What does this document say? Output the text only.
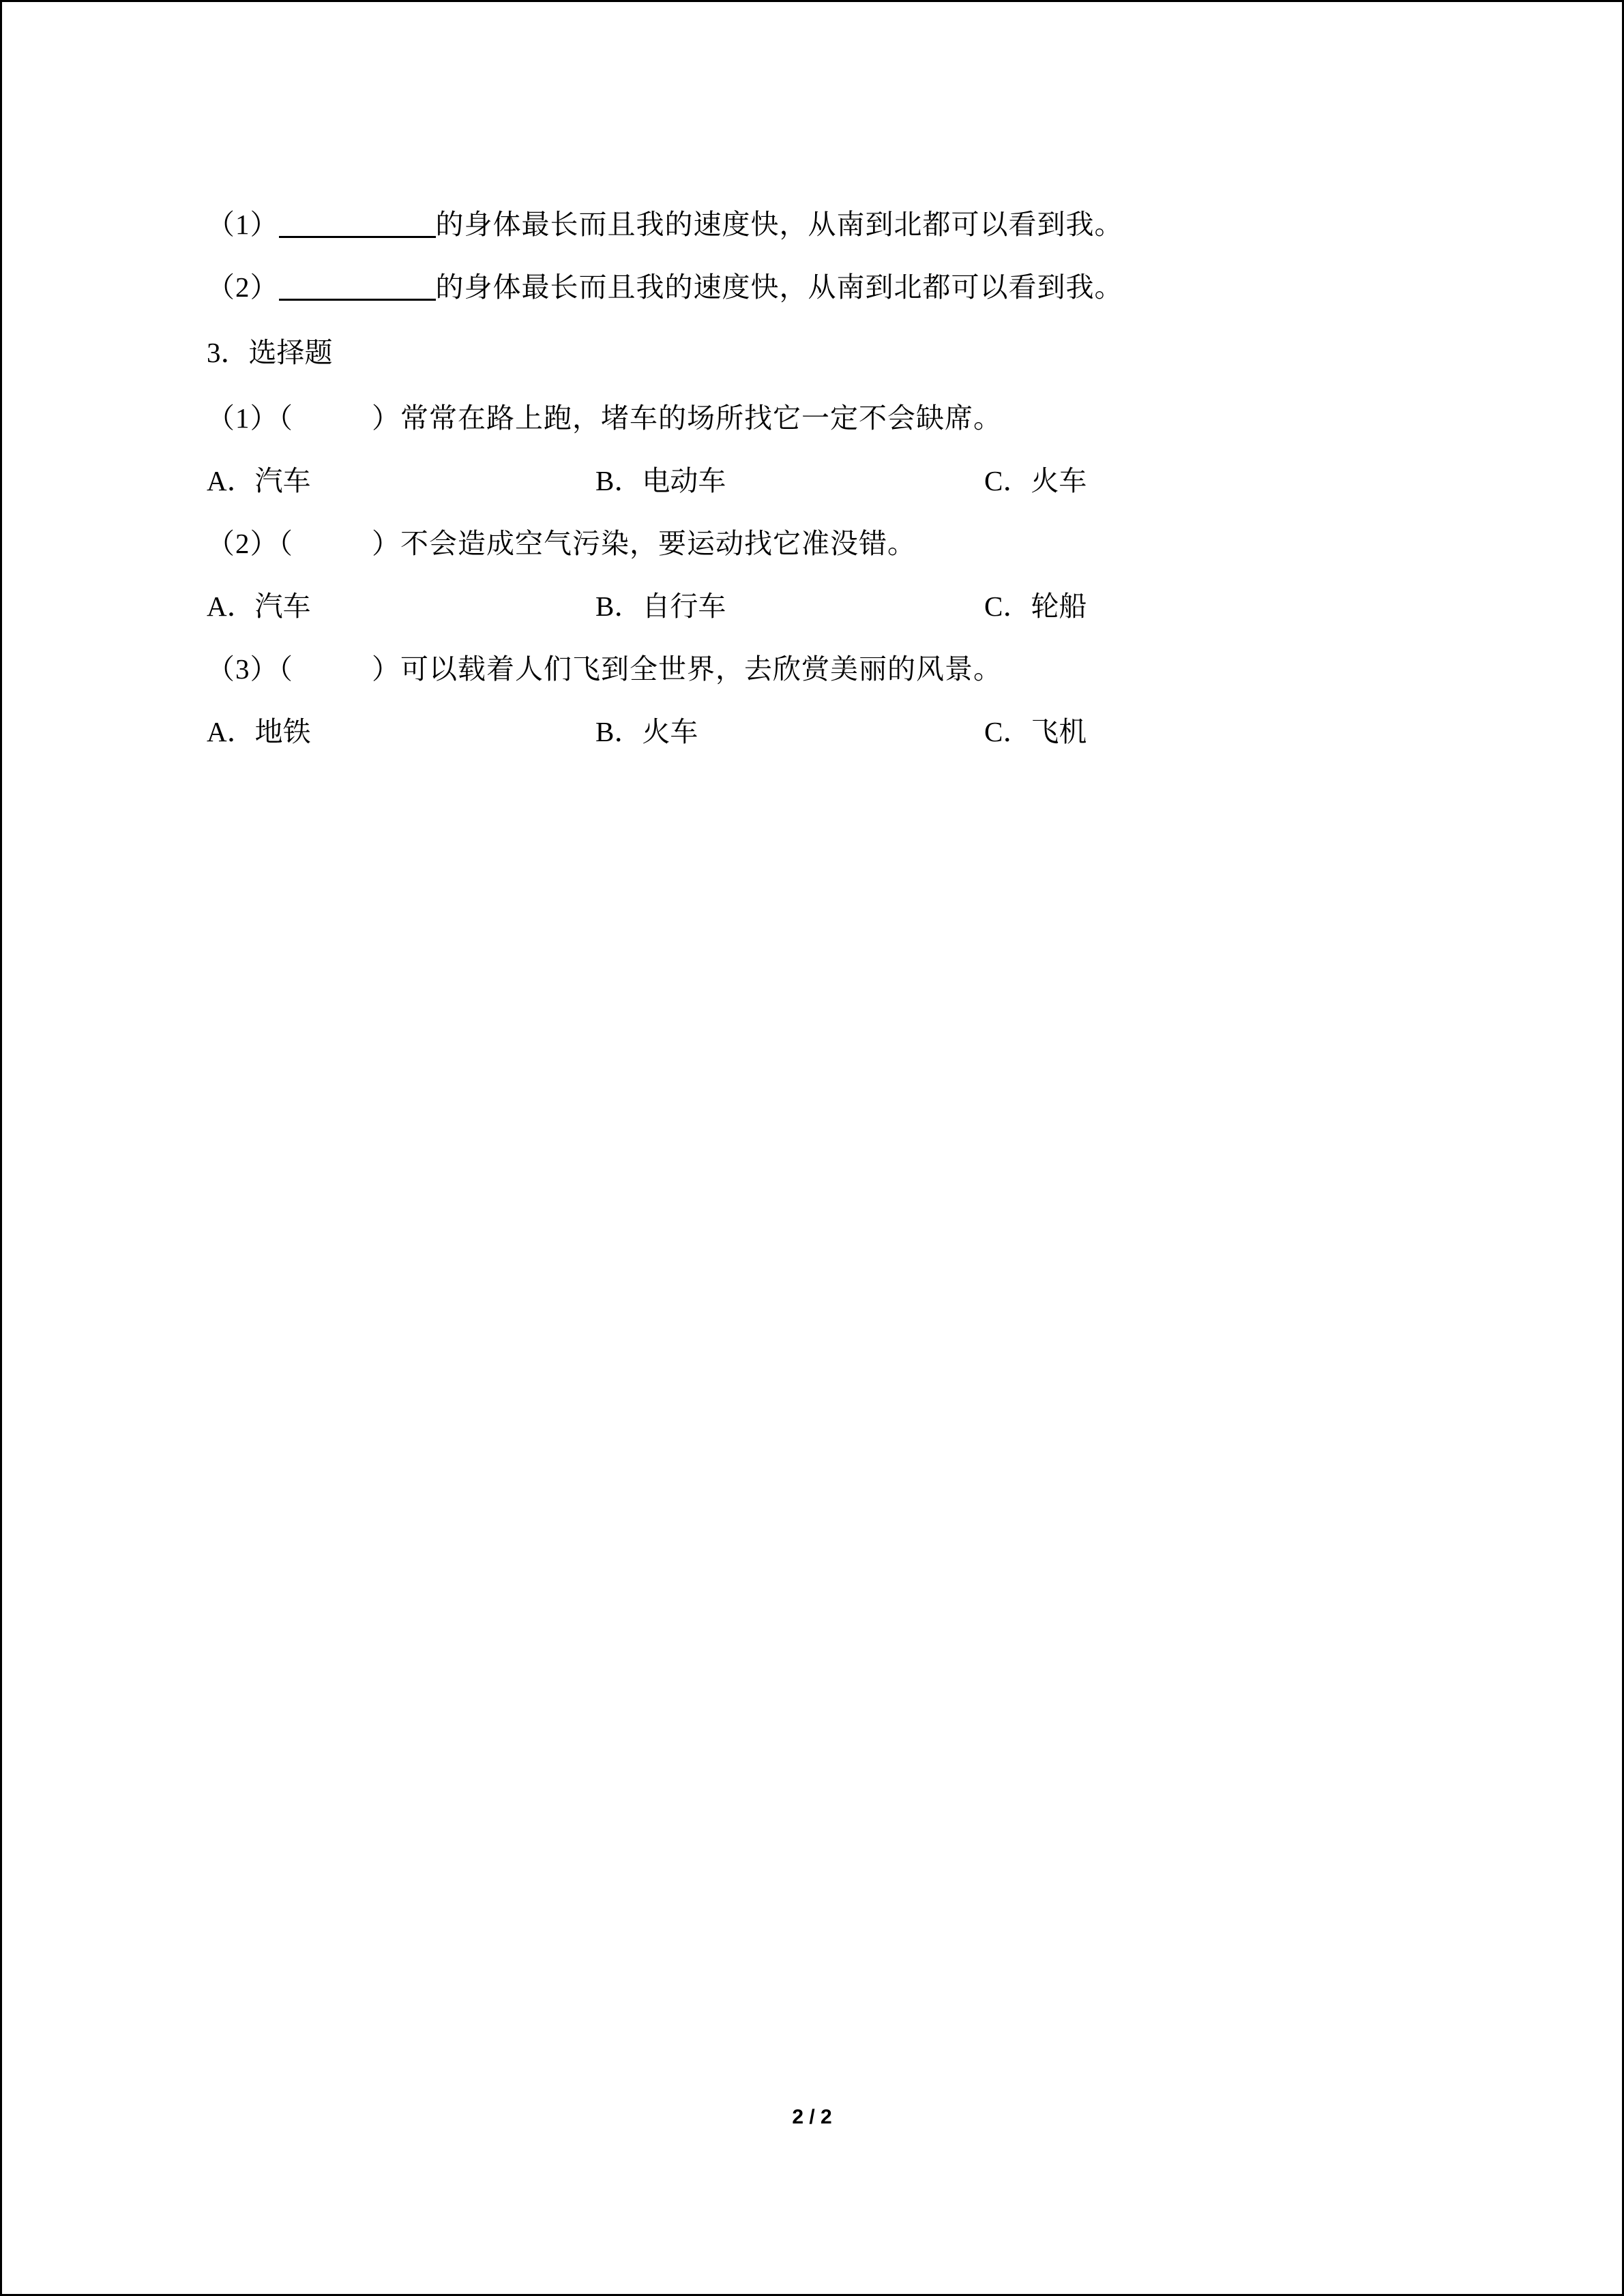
（1）	的身体最长而且我的速度快，从南到北都可以看到我。
（2）	的身体最长而且我的速度快，从南到北都可以看到我。
3．选择题
（1）（	）常常在路上跑，堵车的场所找它一定不会缺席。
A．汽车	B．电动车	C．火车
（2）（	）不会造成空气污染，要运动找它准没错。
A．汽车	B．自行车	C．轮船
（3）（	）可以载着人们飞到全世界，去欣赏美丽的风景。
A．地铁	B．火车	C．飞机
2 / 2
